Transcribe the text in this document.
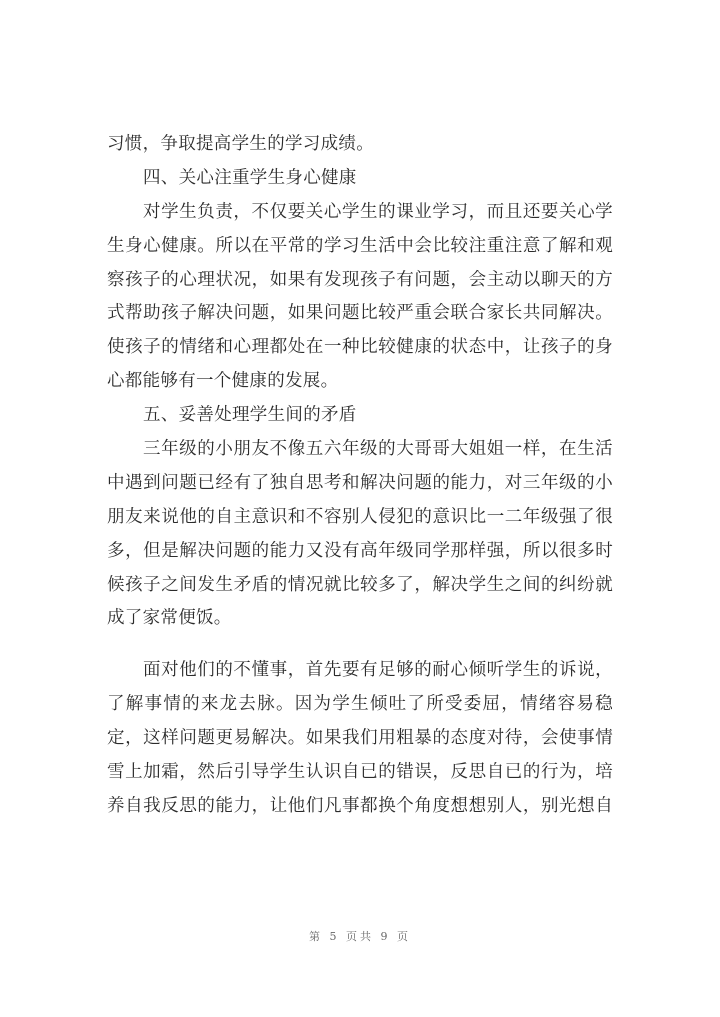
习惯，争取提高学生的学习成绩。
四、关心注重学生身心健康
对学生负责，不仅要关心学生的课业学习，而且还要关心学
生身心健康。所以在平常的学习生活中会比较注重注意了解和观
察孩子的心理状况，如果有发现孩子有问题，会主动以聊天的方
式帮助孩子解决问题，如果问题比较严重会联合家长共同解决。
使孩子的情绪和心理都处在一种比较健康的状态中，让孩子的身
心都能够有一个健康的发展。
五、妥善处理学生间的矛盾
三年级的小朋友不像五六年级的大哥哥大姐姐一样，在生活
中遇到问题已经有了独自思考和解决问题的能力，对三年级的小
朋友来说他的自主意识和不容别人侵犯的意识比一二年级强了很
多，但是解决问题的能力又没有高年级同学那样强，所以很多时
候孩子之间发生矛盾的情况就比较多了，解决学生之间的纠纷就
成了家常便饭。
面对他们的不懂事，首先要有足够的耐心倾听学生的诉说，
了解事情的来龙去脉。因为学生倾吐了所受委屈，情绪容易稳
定，这样问题更易解决。如果我们用粗暴的态度对待，会使事情
雪上加霜，然后引导学生认识自已的错误，反思自已的行为，培
养自我反思的能力，让他们凡事都换个角度想想别人，别光想自
第 5 页共 9 页
